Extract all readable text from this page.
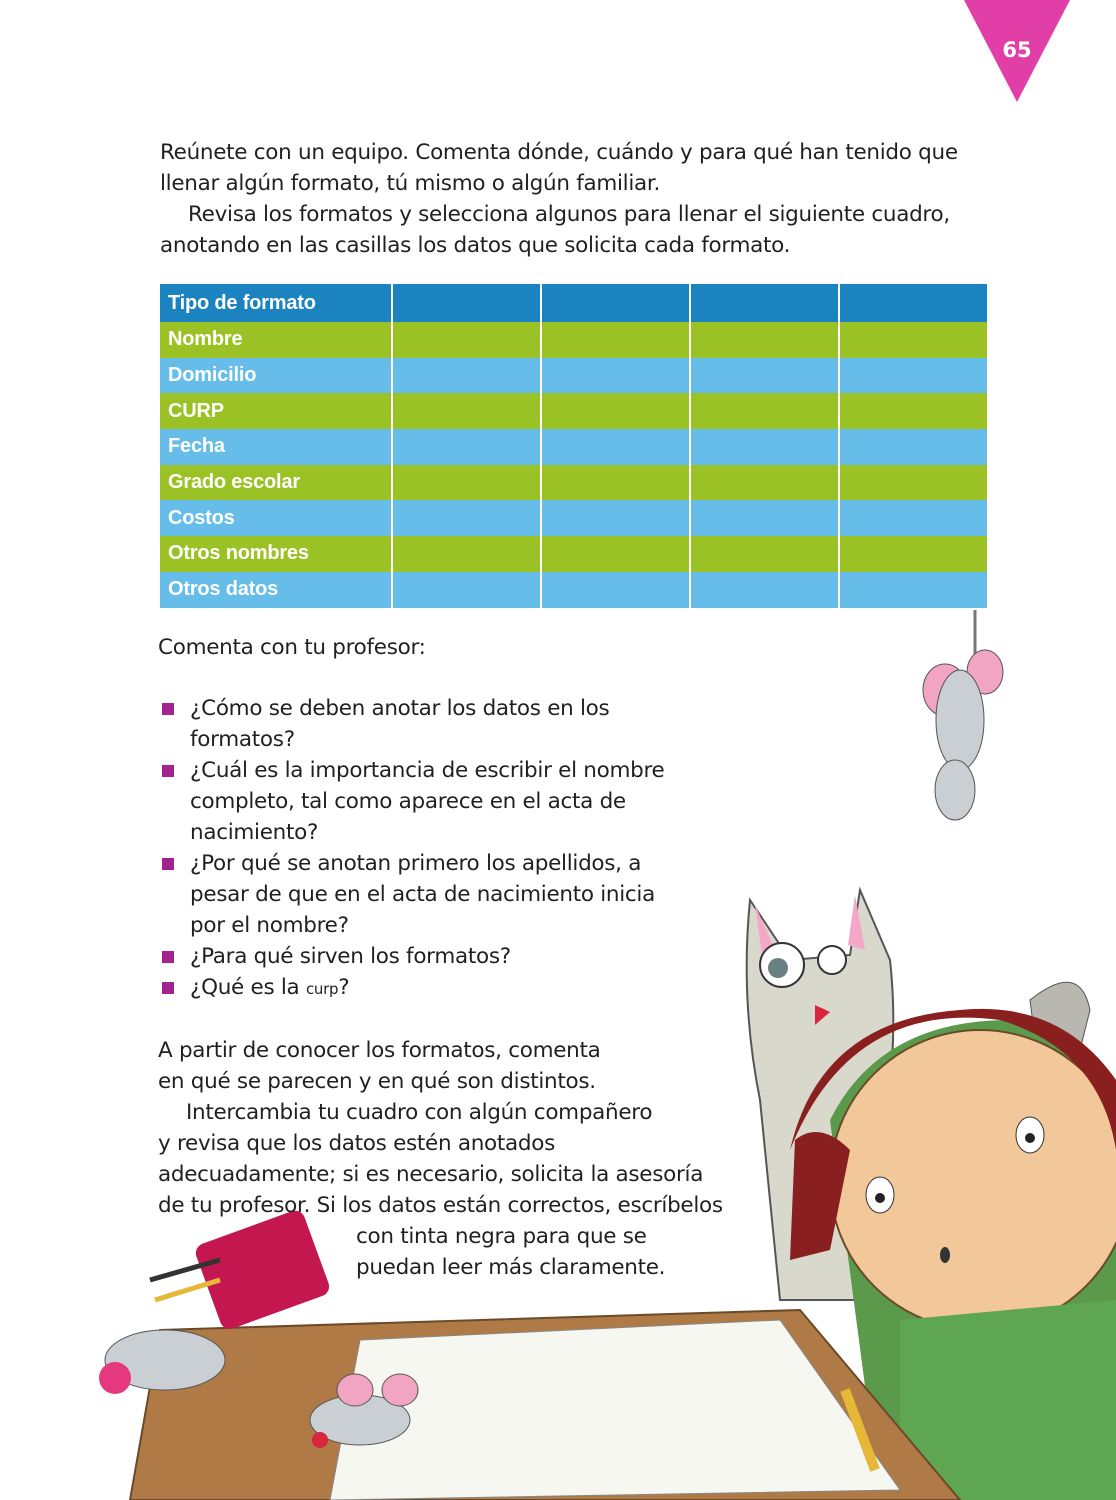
65
Reúnete con un equipo. Comenta dónde, cuándo y para qué han tenido que
llenar algún formato, tú mismo o algún familiar.
Revisa los formatos y selecciona algunos para llenar el siguiente cuadro,
anotando en las casillas los datos que solicita cada formato.
Tipo de formato				
Nombre				
Domicilio				
CURP				
Fecha				
Grado escolar				
Costos				
Otros nombres				
Otros datos				
Comenta con tu profesor:
¿Cómo se deben anotar los datos en los
formatos?
¿Cuál es la importancia de escribir el nombre
completo, tal como aparece en el acta de
nacimiento?
¿Por qué se anotan primero los apellidos, a
pesar de que en el acta de nacimiento inicia
por el nombre?
¿Para qué sirven los formatos?
¿Qué es la curp?
A partir de conocer los formatos, comenta
en qué se parecen y en qué son distintos.
Intercambia tu cuadro con algún compañero
y revisa que los datos estén anotados
adecuadamente; si es necesario, solicita la asesoría
de tu profesor. Si los datos están correctos, escríbelos
con tinta negra para que se
puedan leer más claramente.
